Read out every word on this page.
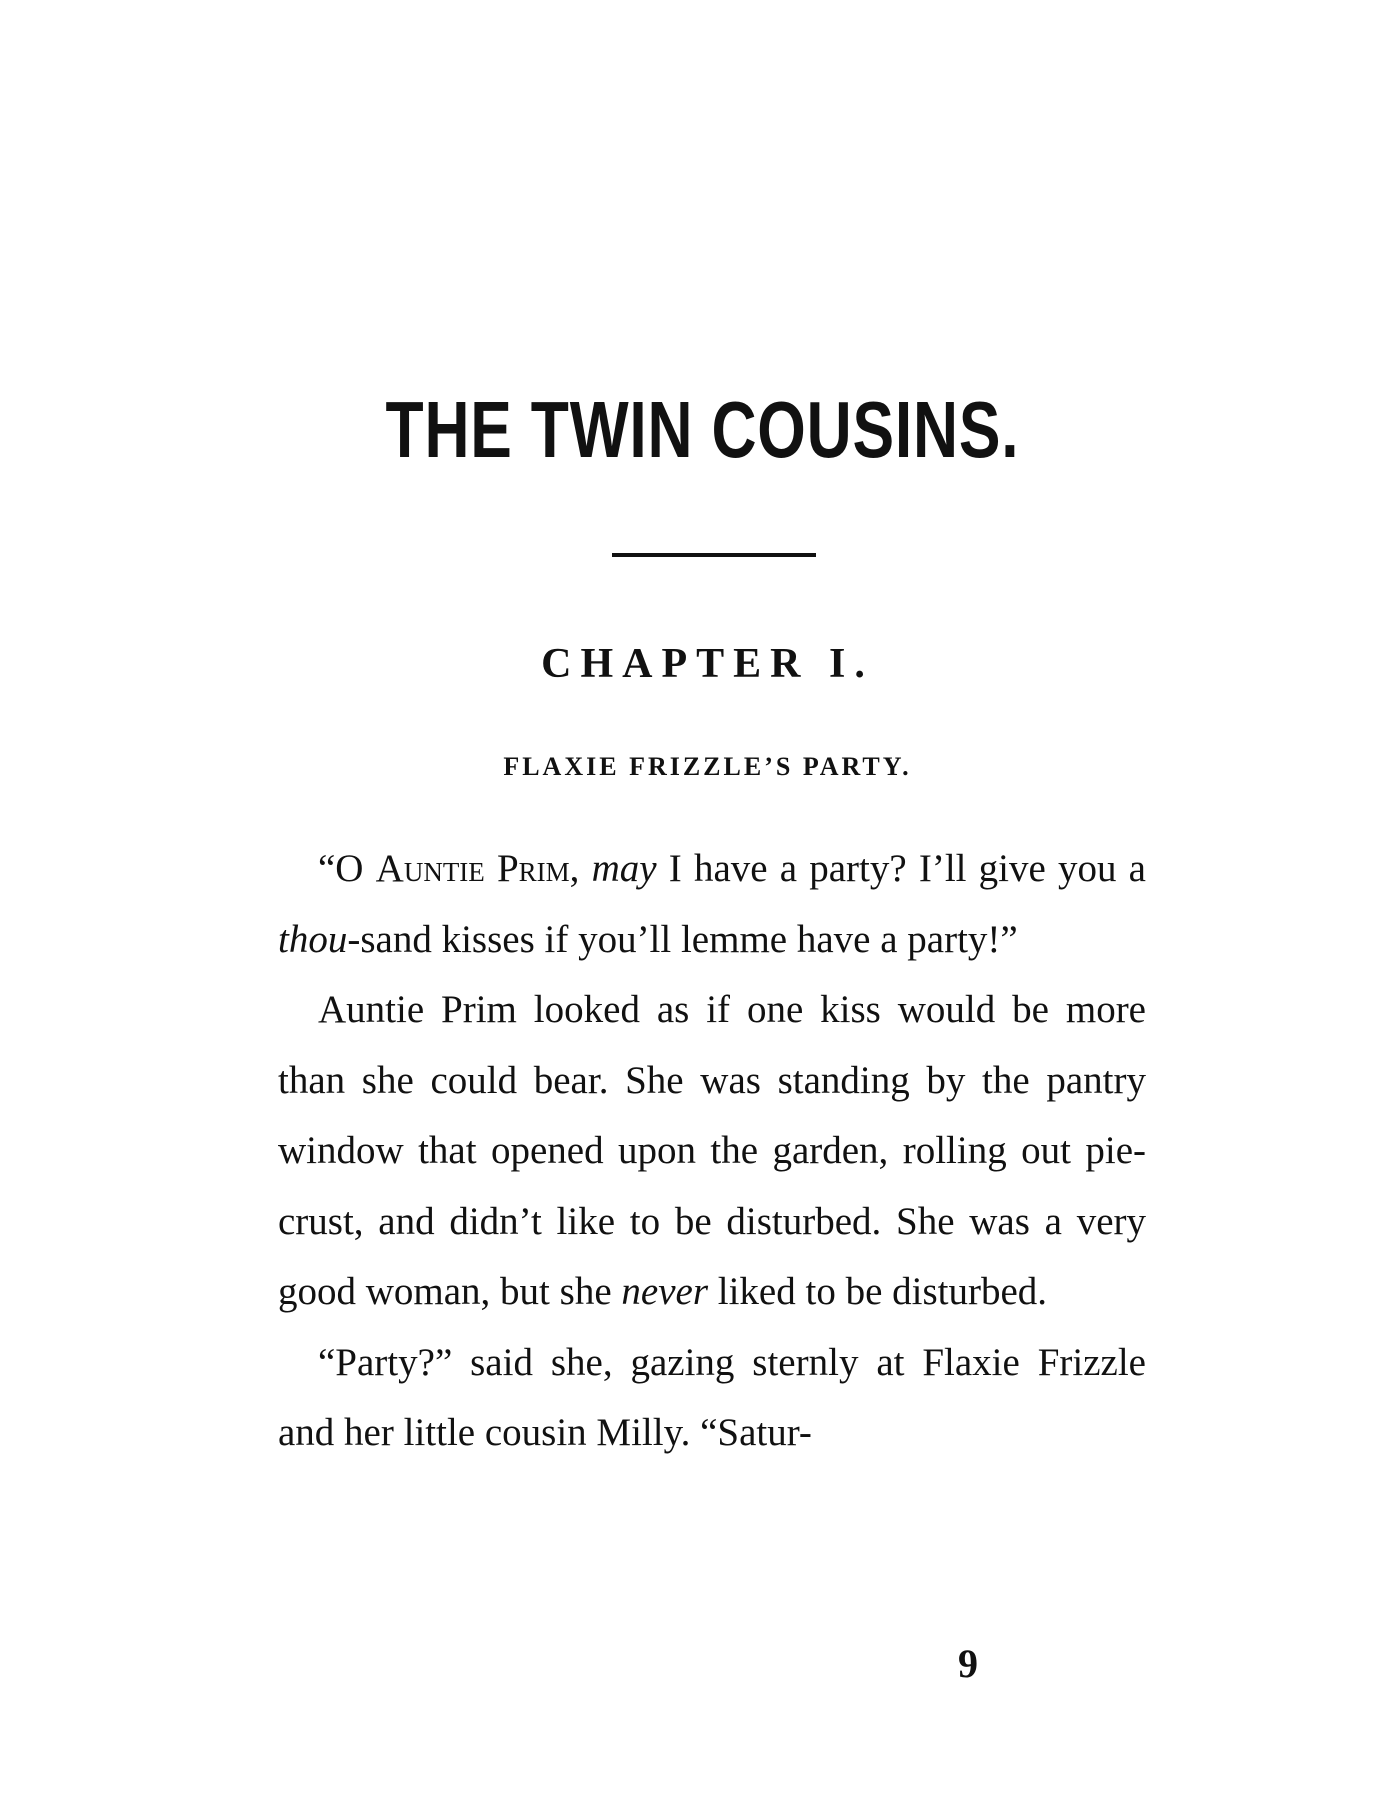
THE TWIN COUSINS.
CHAPTER I.
FLAXIE FRIZZLE’S PARTY.

“O Auntie Prim, may I have a party? I’ll give you a thou-sand kisses if you’ll lemme have a party!”

Auntie Prim looked as if one kiss would be more than she could bear. She was standing by the pantry window that opened upon the garden, rolling out pie-crust, and didn’t like to be disturbed. She was a very good woman, but she never liked to be disturbed.

“Party?” said she, gazing sternly at Flaxie Frizzle and her little cousin Milly. “Satur-

9
